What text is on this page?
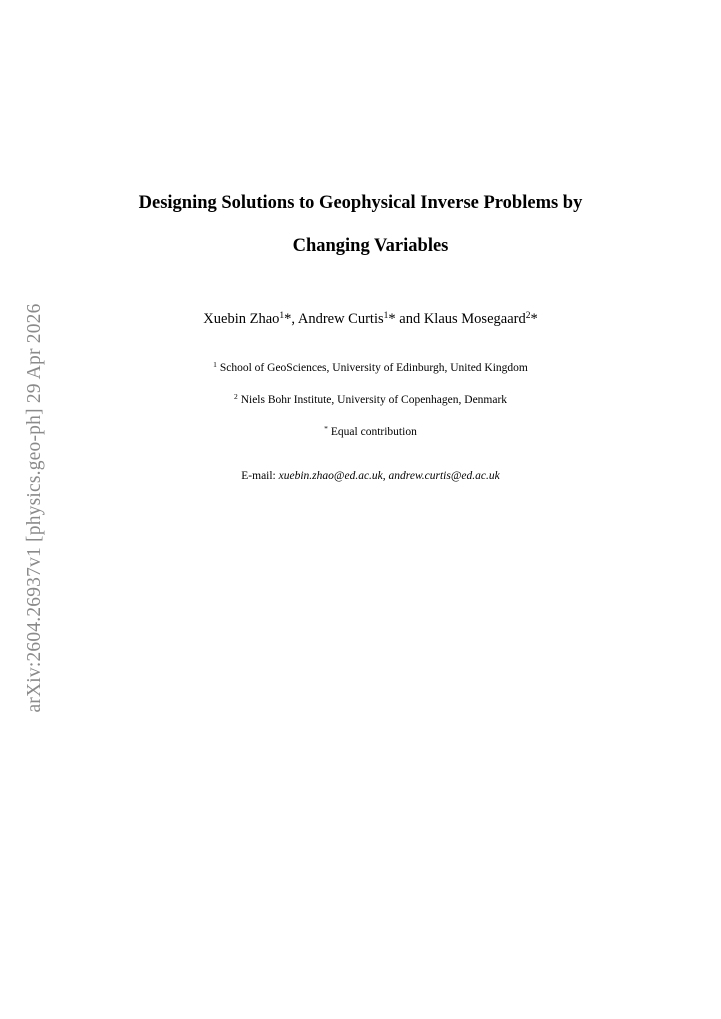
arXiv:2604.26937v1 [physics.geo-ph] 29 Apr 2026
Designing Solutions to Geophysical Inverse Problems by
Changing Variables
Xuebin Zhao$^1$*, Andrew Curtis$^1$* and Klaus Mosegaard$^2$*
$^1$ School of GeoSciences, University of Edinburgh, United Kingdom
$^2$ Niels Bohr Institute, University of Copenhagen, Denmark
* Equal contribution
E-mail: xuebin.zhao@ed.ac.uk, andrew.curtis@ed.ac.uk
